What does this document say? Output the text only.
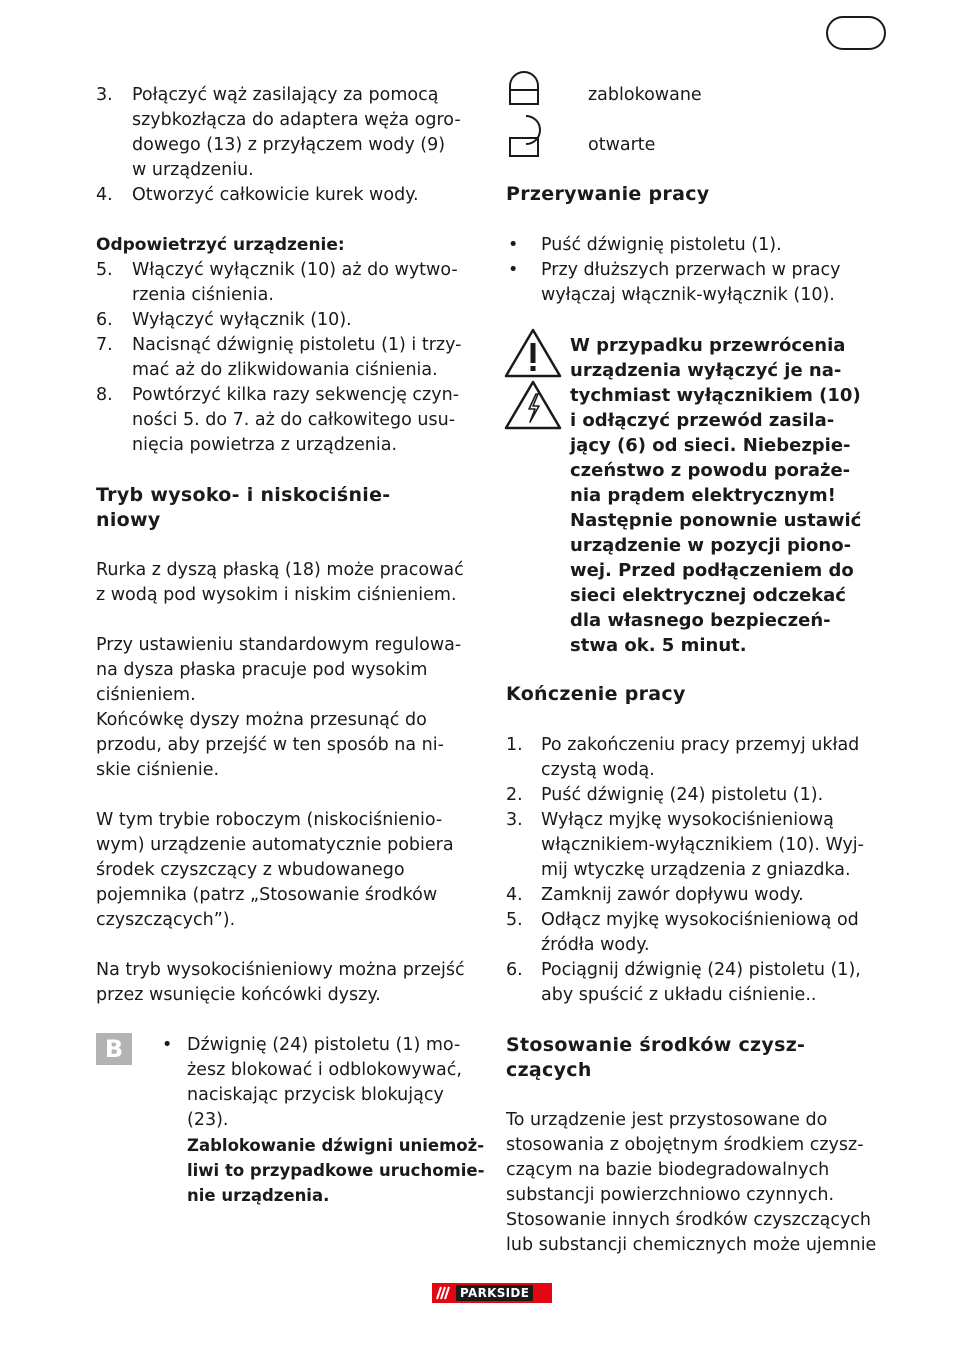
3. Połączyć wąż zasilający za pomocą
szybkozłącza do adaptera węża ogro-
dowego (13) z przyłączem wody (9)
w urządzeniu.
4. Otworzyć całkowicie kurek wody.
Odpowietrzyć urządzenie:
5. Włączyć wyłącznik (10) aż do wytwo-
rzenia ciśnienia.
6. Wyłączyć wyłącznik (10).
7. Nacisnąć dźwignię pistoletu (1) i trzy-
mać aż do zlikwidowania ciśnienia.
8. Powtórzyć kilka razy sekwencję czyn-
ności 5. do 7. aż do całkowitego usu-
nięcia powietrza z urządzenia.
Tryb wysoko- i niskociśnie-
niowy
Rurka z dyszą płaską (18) może pracować
z wodą pod wysokim i niskim ciśnieniem.
Przy ustawieniu standardowym regulowa-
na dysza płaska pracuje pod wysokim
ciśnieniem.
Końcówkę dyszy można przesunąć do
przodu, aby przejść w ten sposób na ni-
skie ciśnienie.
W tym trybie roboczym (niskociśnienio-
wym) urządzenie automatycznie pobiera
środek czyszczący z wbudowanego
pojemnika (patrz „Stosowanie środków
czyszczących”).
Na tryb wysokociśnieniowy można przejść
przez wsunięcie końcówki dyszy.
B	• Dźwignię (24) pistoletu (1) mo-
żesz blokować i odblokowywać,
naciskając przycisk blokujący
(23).
Zablokowanie dźwigni uniemoż-
liwi to przypadkowe uruchomie-
nie urządzenia.
zablokowane
otwarte
Przerywanie pracy
• Puść dźwignię pistoletu (1).
• Przy dłuższych przerwach w pracy
wyłączaj włącznik-wyłącznik (10).
W przypadku przewrócenia
urządzenia wyłączyć je na-
tychmiast wyłącznikiem (10)
i odłączyć przewód zasila-
jący (6) od sieci. Niebezpie-
czeństwo z powodu poraże-
nia prądem elektrycznym!
Następnie ponownie ustawić
urządzenie w pozycji piono-
wej. Przed podłączeniem do
sieci elektrycznej odczekać
dla własnego bezpieczeń-
stwa ok. 5 minut.
Kończenie pracy
1. Po zakończeniu pracy przemyj układ
czystą wodą.
2. Puść dźwignię (24) pistoletu (1).
3. Wyłącz myjkę wysokociśnieniową
włącznikiem-wyłącznikiem (10). Wyj-
mij wtyczkę urządzenia z gniazdka.
4. Zamknij zawór dopływu wody.
5. Odłącz myjkę wysokociśnieniową od
źródła wody.
6. Pociągnij dźwignię (24) pistoletu (1),
aby spuścić z układu ciśnienie..
Stosowanie środków czysz-
czących
To urządzenie jest przystosowane do
stosowania z obojętnym środkiem czysz-
czącym na bazie biodegradowalnych
substancji powierzchniowo czynnych.
Stosowanie innych środków czyszczących
lub substancji chemicznych może ujemnie
PARKSIDE
